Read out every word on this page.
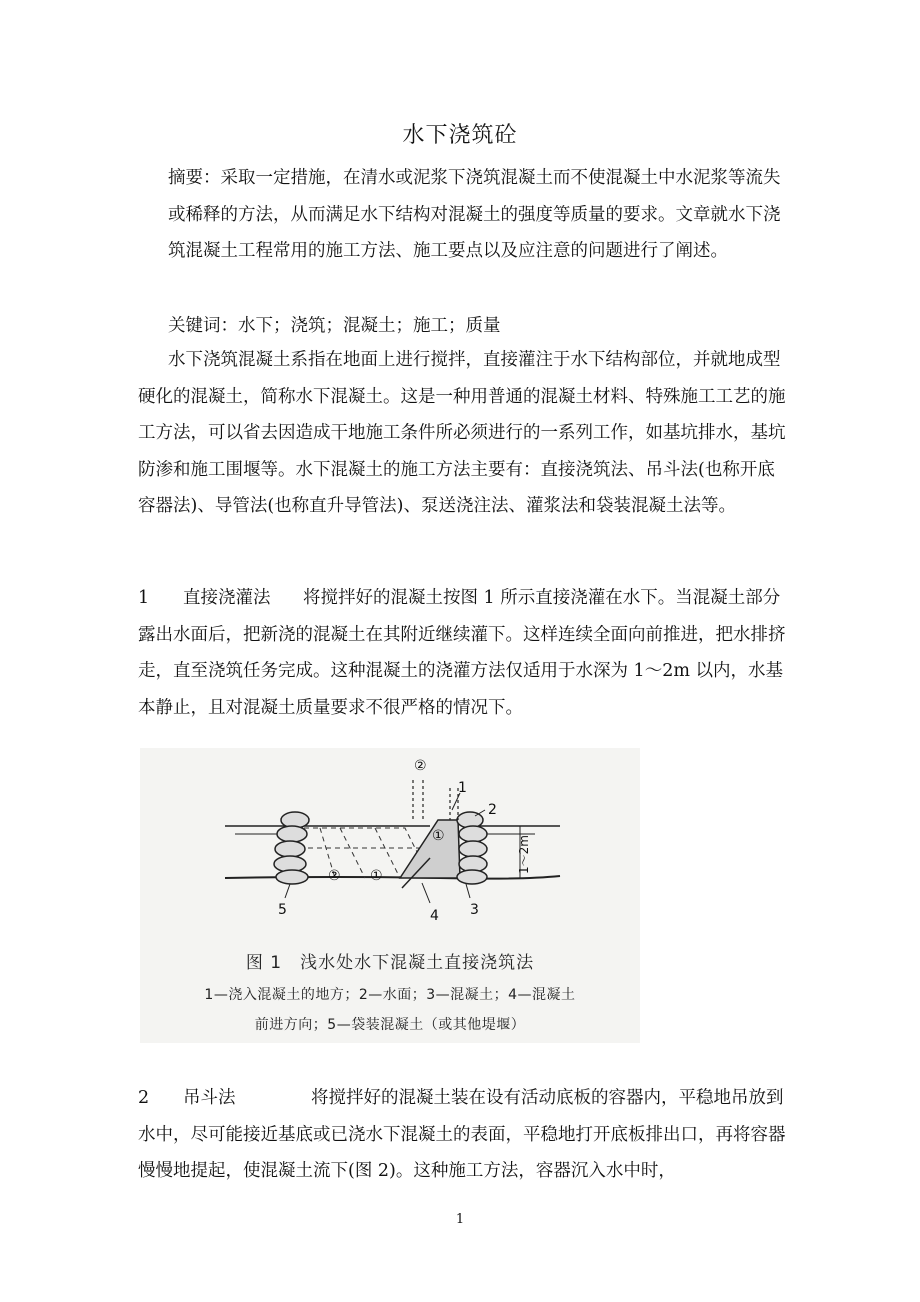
水下浇筑砼

摘要：采取一定措施，在清水或泥浆下浇筑混凝土而不使混凝土中水泥浆等流失或稀释的方法，从而满足水下结构对混凝土的强度等质量的要求。文章就水下浇筑混凝土工程常用的施工方法、施工要点以及应注意的问题进行了阐述。

关键词：水下；浇筑；混凝土；施工；质量

水下浇筑混凝土系指在地面上进行搅拌，直接灌注于水下结构部位，并就地成型硬化的混凝土，简称水下混凝土。这是一种用普通的混凝土材料、特殊施工工艺的施工方法，可以省去因造成干地施工条件所必须进行的一系列工作，如基坑排水，基坑防渗和施工围堰等。水下混凝土的施工方法主要有：直接浇筑法、吊斗法(也称开底容器法)、导管法(也称直升导管法)、泵送浇注法、灌浆法和袋装混凝土法等。

1 直接浇灌法 将搅拌好的混凝土按图 1 所示直接浇灌在水下。当混凝土部分露出水面后，把新浇的混凝土在其附近继续灌下。这样连续全面向前推进，把水排挤走，直至浇筑任务完成。这种混凝土的浇灌方法仅适用于水深为 1～2m 以内，水基本静止，且对混凝土质量要求不很严格的情况下。

②
①
①
②
1
2
3
4
5
1～2m
图 1　浅水处水下混凝土直接浇筑法
1—浇入混凝土的地方；2—水面；3—混凝土；4—混凝土
前进方向；5—袋装混凝土（或其他堤堰）

2 吊斗法	将搅拌好的混凝土装在设有活动底板的容器内，平稳地吊放到水中，尽可能接近基底或已浇水下混凝土的表面，平稳地打开底板排出口，再将容器慢慢地提起，使混凝土流下(图 2)。这种施工方法，容器沉入水中时，

1
